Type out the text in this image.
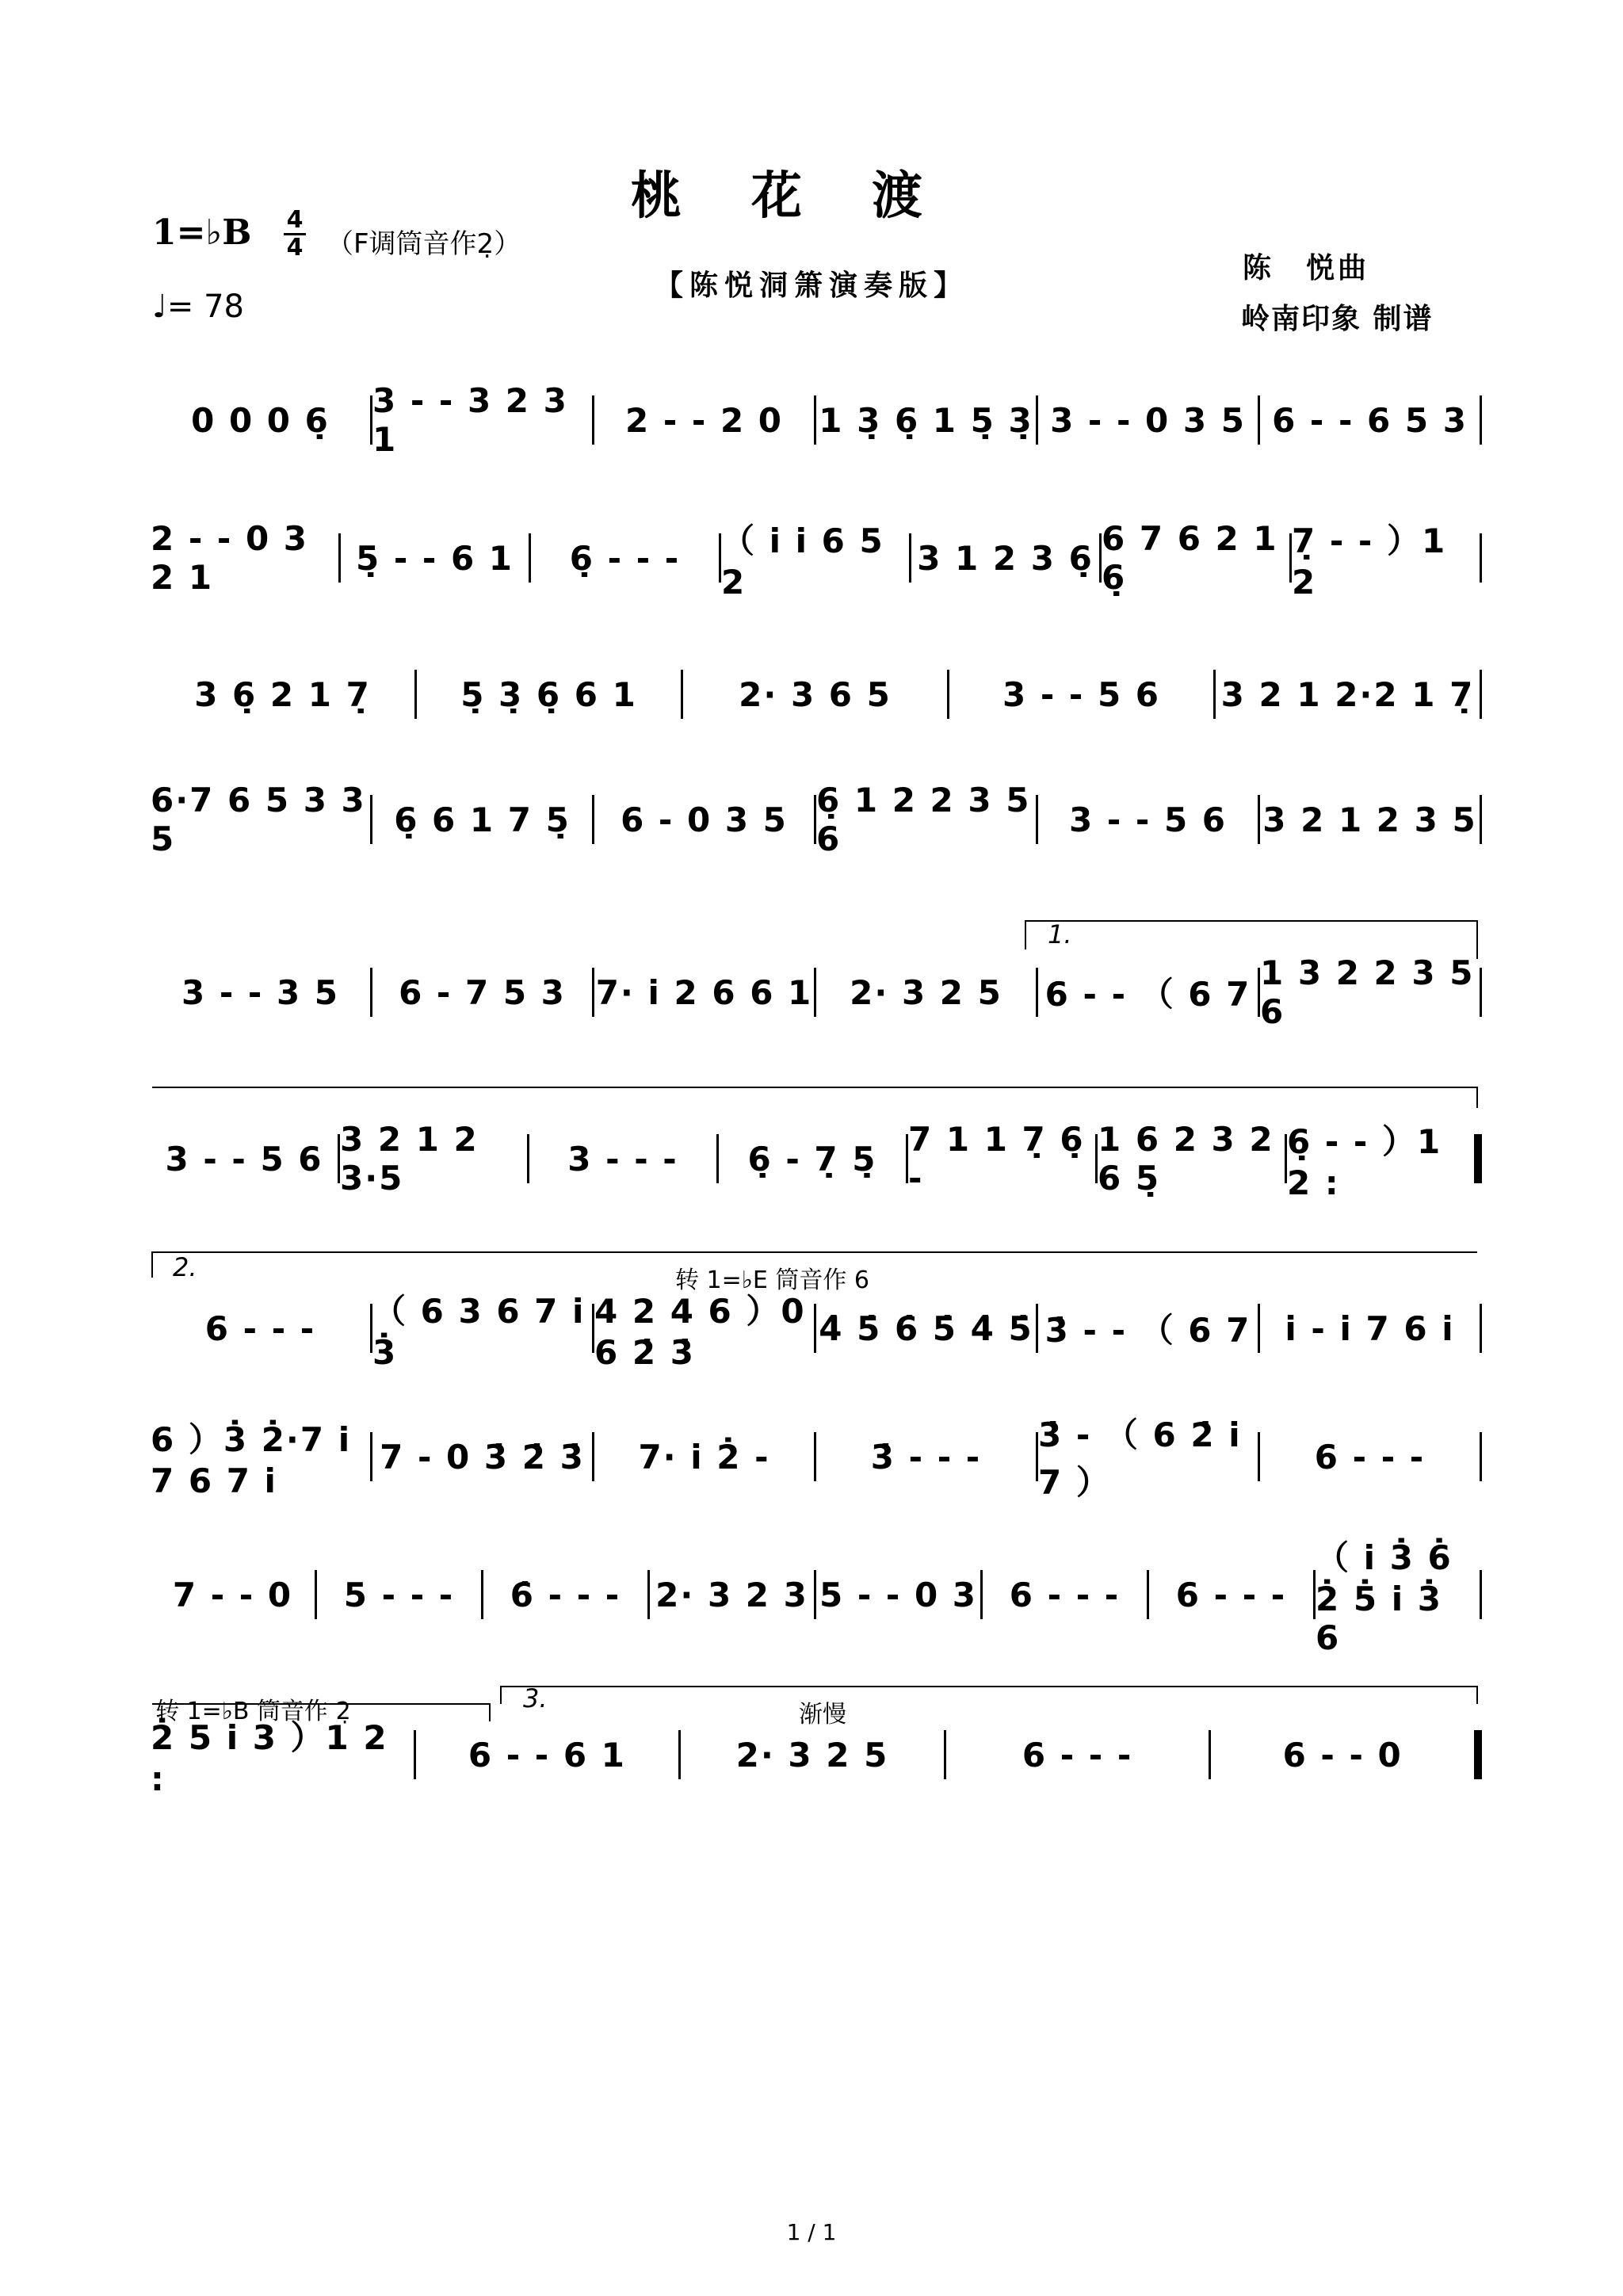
桃花渡
【陈悦洞箫演奏版】
1=♭B 4
4 （F调筒音作2̣）
♩= 78
陈　悦曲
岭南印象 制谱
0 0 0 6̣	3 - - 3 2 3 1	2 - - 2 0	1 3̣ 6̣ 1 5̣ 3̣ 3 - - 0 3 5 6 - - 6 5 3
2 - - 0 3 2 1	5̣ - - 6 1	6̣ - - -	（ i i 6 5 2
3 1 2 3 6̣ 6 7 6 2 1 6̣
7̣ - - ）1 2
3 6̣ 2 1 7̣	5̣ 3̣ 6̣ 6 1	2· 3 6 5	3 - - 5 6	3 2 1 2·2 1 7̣
6·7 6 5 3 3 5	6̣ 6 1 7 5̣	6 - 0 3 5 6̣ 1 2 2 3 5 6	3 - - 5 6	3 2 1 2 3 5
3 - - 3 5	6 - 7 5 3 7· i 2 6 6 1	2· 3 2 5	6 - - （ 6 7
1 3 2 2 3 5 6
3 - - 5 6 3 2 1 2 3·5	3 - - -	6̣ - 7̣ 5̣ 7 1 1 7̣ 6̣ -
1 6 2 3 2 6 5̣
6̣ - - ）1 2 :
6 - - -	（ 6 3 6 7 i 3̇
4 2 4 6 ）0 6 2̇ 3̇
4̇ 5̇ 6̇ 5̇ 4̇ 5̇ 3̇ - - （ 6 7	i - i 7 6 i
6 ）3̇ 2̇·7 i 7 6 7 i
7 - 0 3̇ 2̇ 3̇	7· i 2̇ -	3̇ - - -
3̇ - （ 6 2̇ i 7 ）
6 - - -
7 - - 0	5 - - -	6̇ - - -	2· 3 2 3 5 - - 0 3 6 - - -	6 - - -
（ i 3̇ 6̇ 2̇ 5̇ i 3̇ 6
2̇ 5 i 3 ）1 2 :
6 - - 6 1	2· 3 2 5	6 - - -	6 - - 0
1.
2.
3.
转 1=♭E 筒音作 6
转 1=♭B 筒音作 2̣	渐慢
1 / 1
